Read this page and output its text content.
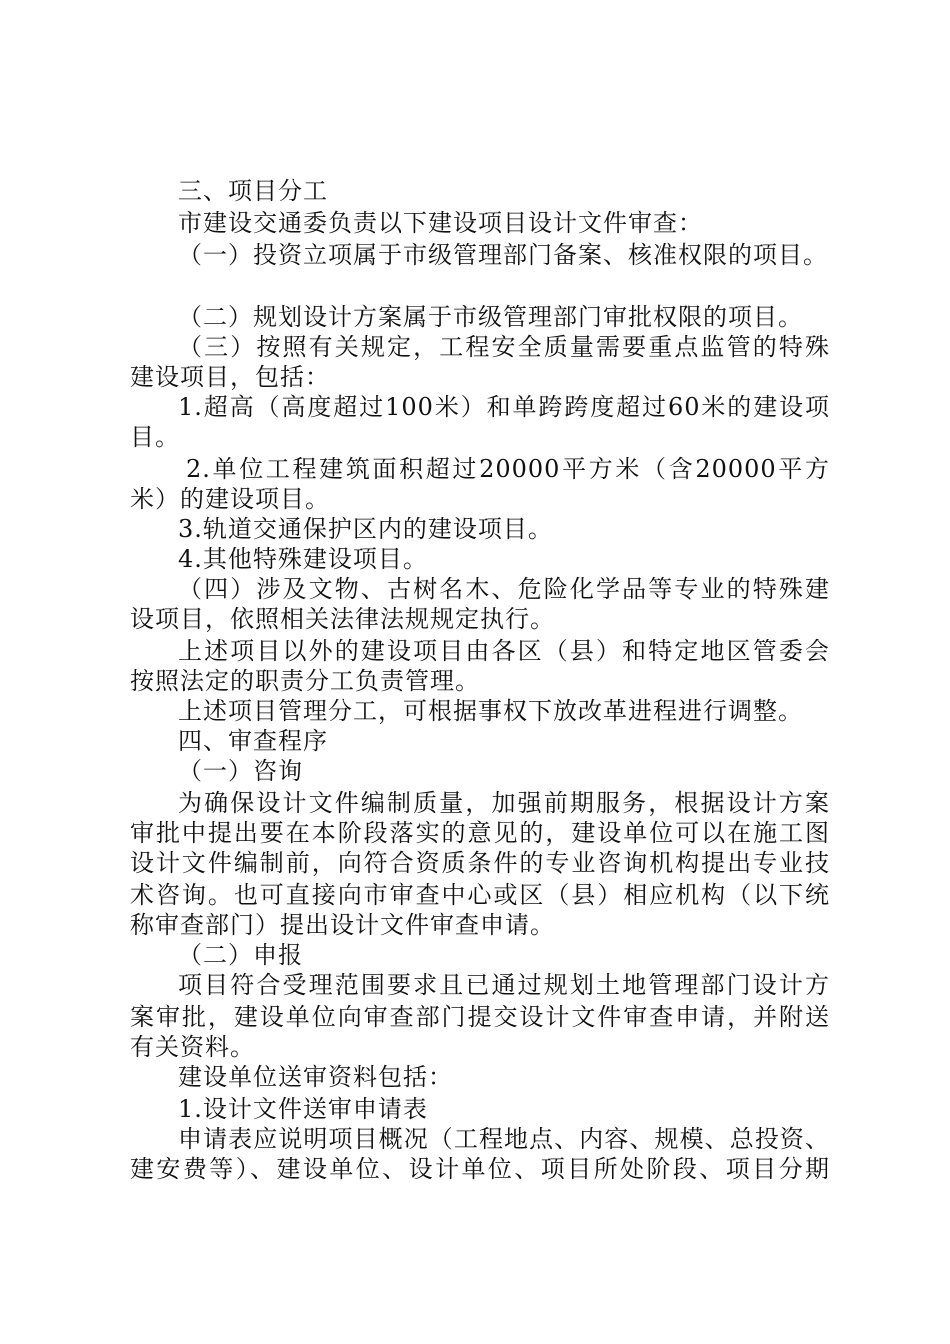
三、项目分工
市建设交通委负责以下建设项目设计文件审查：
（一）投资立项属于市级管理部门备案、核准权限的项目。
（二）规划设计方案属于市级管理部门审批权限的项目。
（三）按照有关规定，工程安全质量需要重点监管的特殊
建设项目，包括：
1.超高（高度超过100米）和单跨跨度超过60米的建设项
目。
2.单位工程建筑面积超过20000平方米（含20000平方
米）的建设项目。
3.轨道交通保护区内的建设项目。
4.其他特殊建设项目。
（四）涉及文物、古树名木、危险化学品等专业的特殊建
设项目，依照相关法律法规规定执行。
上述项目以外的建设项目由各区（县）和特定地区管委会
按照法定的职责分工负责管理。
上述项目管理分工，可根据事权下放改革进程进行调整。
四、审查程序
（一）咨询
为确保设计文件编制质量，加强前期服务，根据设计方案
审批中提出要在本阶段落实的意见的，建设单位可以在施工图
设计文件编制前，向符合资质条件的专业咨询机构提出专业技
术咨询。也可直接向市审查中心或区（县）相应机构（以下统
称审查部门）提出设计文件审查申请。
（二）申报
项目符合受理范围要求且已通过规划土地管理部门设计方
案审批，建设单位向审查部门提交设计文件审查申请，并附送
有关资料。
建设单位送审资料包括：
1.设计文件送审申请表
申请表应说明项目概况（工程地点、内容、规模、总投资、
建安费等）、建设单位、设计单位、项目所处阶段、项目分期
